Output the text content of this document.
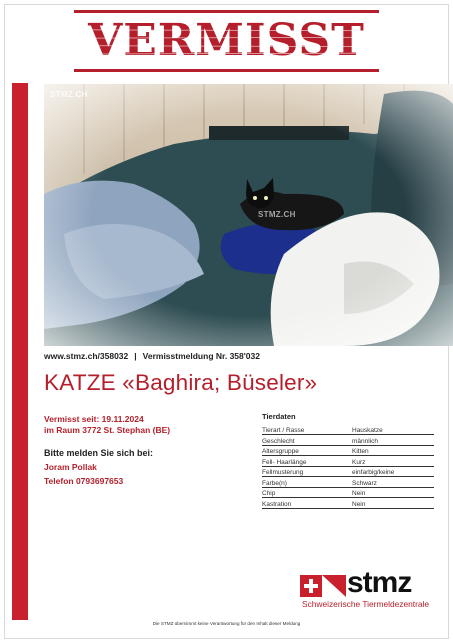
VERMISST
STMZ.CH
STMZ.CH
www.stmz.ch/358032 | Vermisstmeldung Nr. 358'032
KATZE «Baghira; Büseler»
Vermisst seit: 19.11.2024
im Raum 3772 St. Stephan (BE)
Bitte melden Sie sich bei:
Joram Pollak
Telefon 0793697653
Tierdaten
Tierart / Rasse	Hauskatze
Geschlecht	männlich
Altersgruppe	Kitten
Fell- Haarlänge	Kurz
Fellmusterung	einfarbig/keine
Farbe(n)	Schwarz
Chip	Nein
Kastration	Nein
stmz
Schweizerische Tiermeldezentrale
Die STMZ übernimmt keine Verantwortung für den Inhalt dieser Meldung
